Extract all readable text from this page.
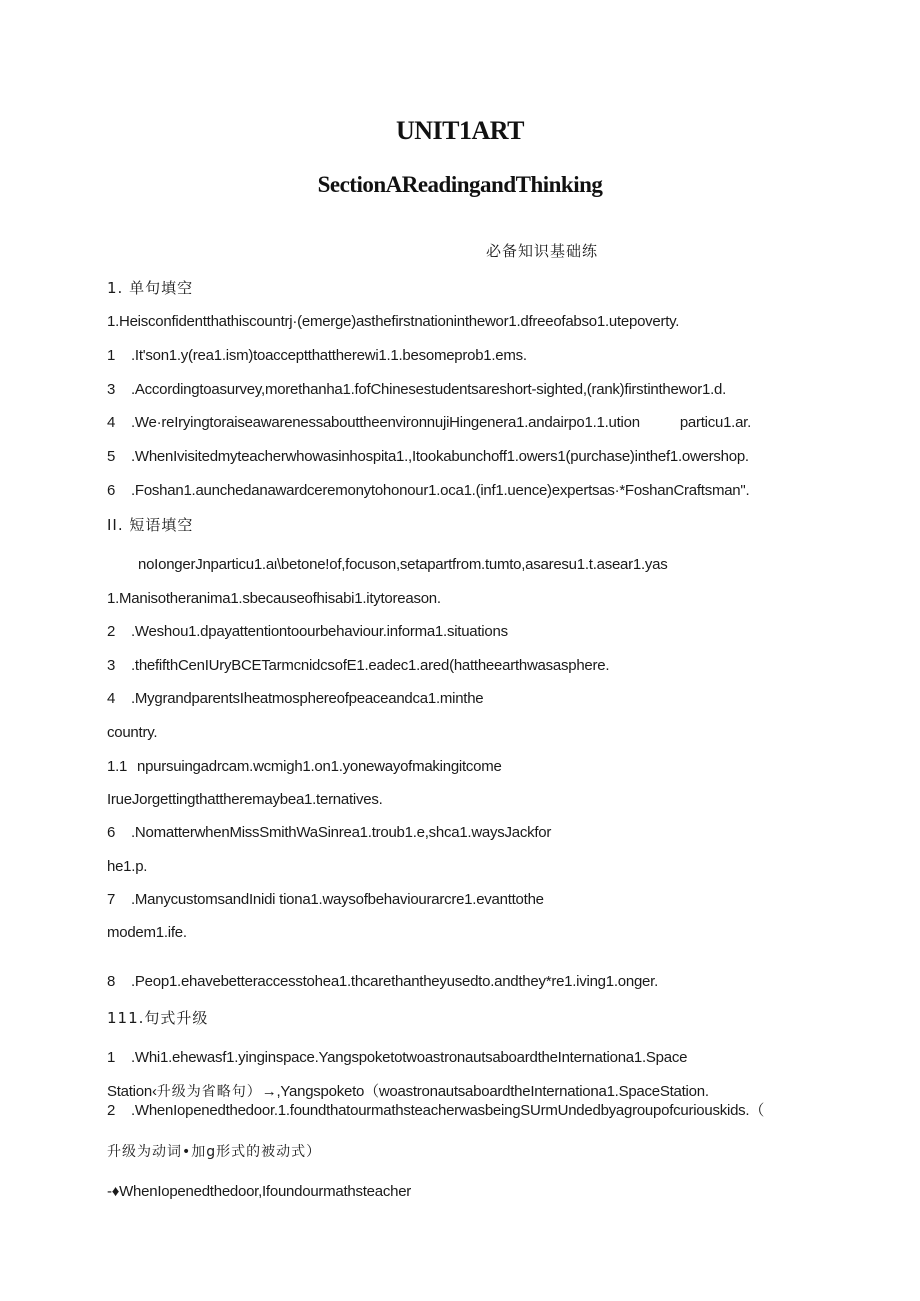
UNIT1ART
SectionAReadingandThinking
必备知识基础练
1. 单句填空
1.Heisconfidentthathiscountrj·(emerge)asthefirstnationinthewor1.dfreeofabso1.utepoverty.
1 .It'son1.y(rea1.ism)toacceptthattherewi1.1.besomeprob1.ems.
3 .Accordingtoasurvey,morethanha1.fofChinesestudentsareshort-sighted,(rank)firstinthewor1.d.
4 .We·reIryingtoraiseawarenessabouttheenvironnujiHingenera1.andairpo1.1.ution	particu1.ar.
5 .WhenIvisitedmyteacherwhowasinhospita1.,Itookabunchoff1.owers1(purchase)inthef1.owershop.
6 .Foshan1.aunchedanawardceremonytohonour1.oca1.(inf1.uence)expertsas·*FoshanCraftsman".
II. 短语填空
noIongerJnparticu1.aι\betone!of,focuson,setapartfrom.tumto,asaresu1.t.asear1.yas
1.Manisotheranima1.sbecauseofhisabi1.itytoreason.
2 .Weshou1.dpayattentiontoourbehaviour.informa1.situations
3 .thefifthCenIUryBCETarmcnidcsofE1.eadec1.ared(hattheearthwasasphere.
4 .MygrandparentsIheatmosphereofpeaceandca1.minthe
country.
1.1 npursuingadrcam.wcmigh1.on1.yonewayofmakingitcome
IrueJorgettingthattheremaybea1.ternatives.
6 .NomatterwhenMissSmithWaSinrea1.troub1.e,shca1.waysJackfor
he1.p.
7 .ManycustomsandInidi tiona1.waysofbehaviourarcre1.evanttothe
modem1.ife.
8 .Peop1.ehavebetteraccesstohea1.thcarethantheyusedto.andthey*re1.iving1.onger.
111.句式升级
1 .Whi1.ehewasf1.yinginspace.YangspoketotwoastronautsaboardtheInternationa1.Space
Station‹升级为省略句）→,Yangspoketo（woastronautsaboardtheInternationa1.SpaceStation.
2 .WhenIopenedthedoor.1.foundthatourmathsteacherwasbeingSUrmUndedbyagroupofcuriouskids.（
升级为动词•加g形式的被动式）
-♦WhenIopenedthedoor,Ifoundourmathsteacher
